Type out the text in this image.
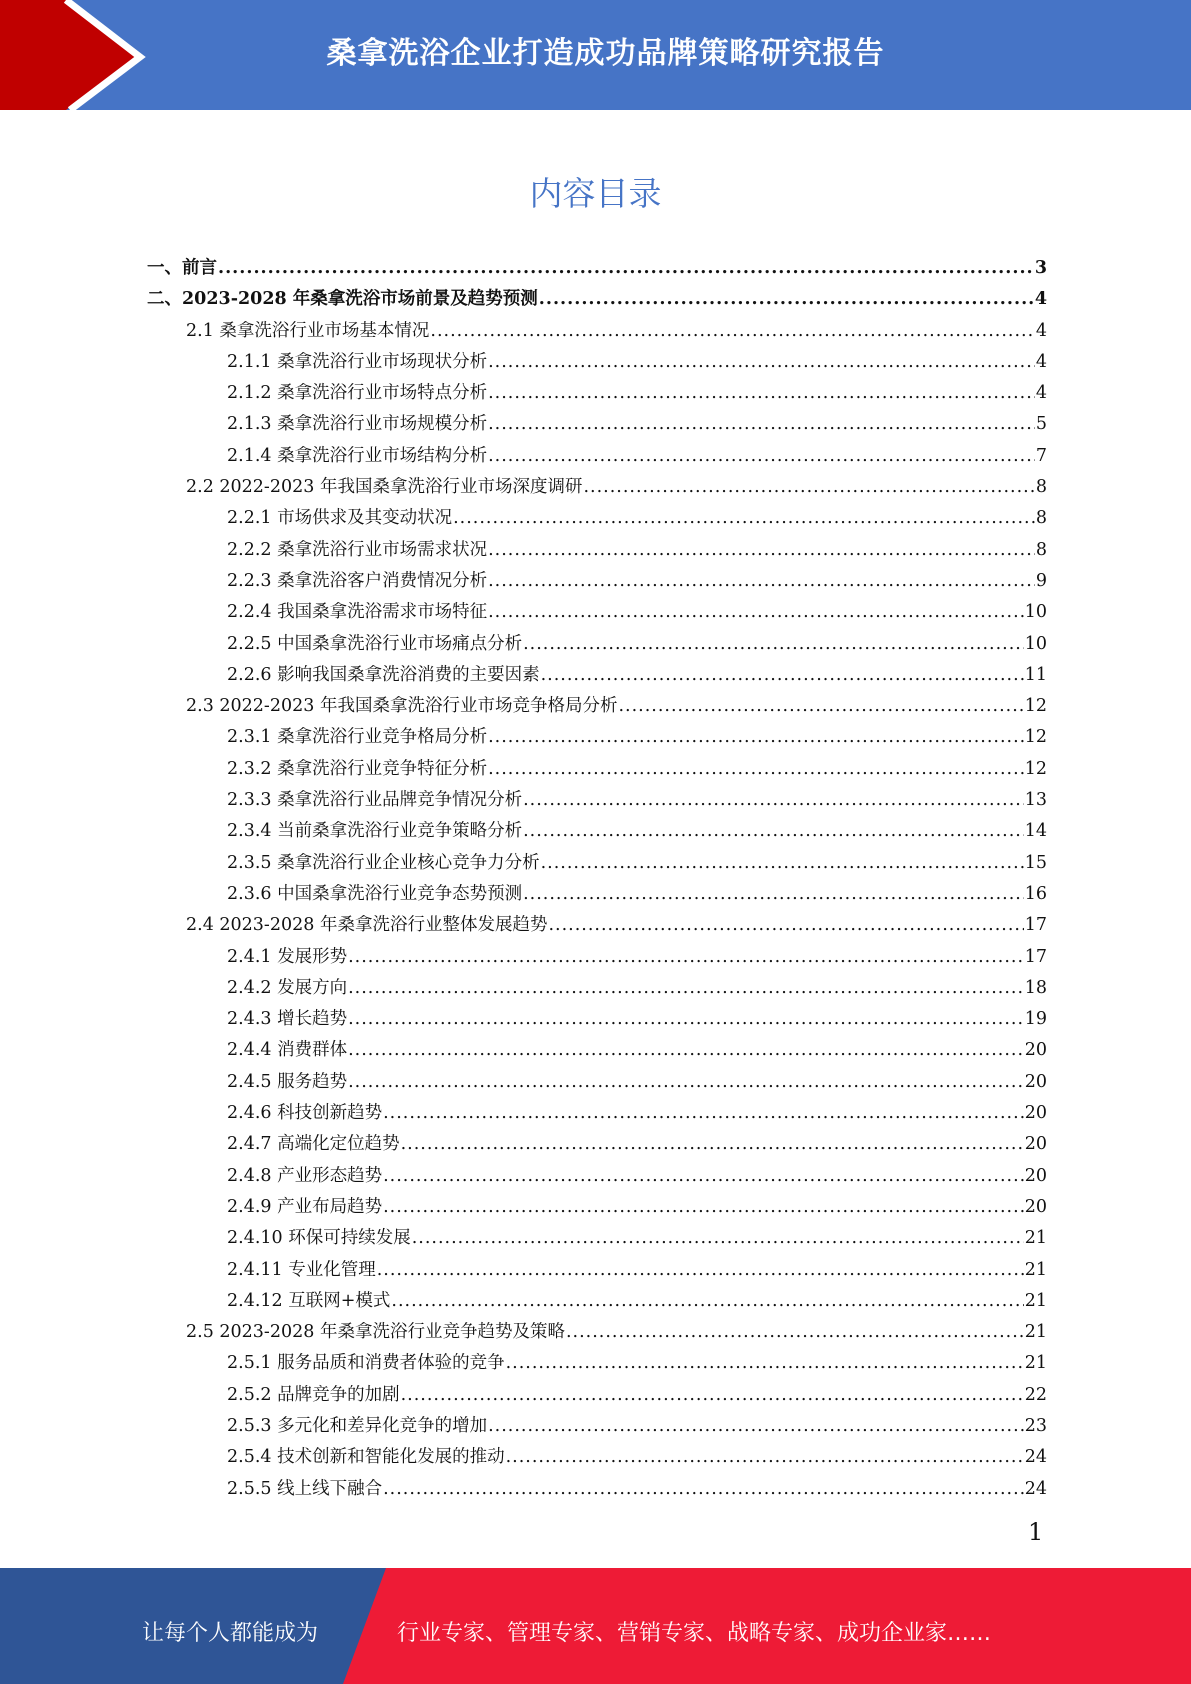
桑拿洗浴企业打造成功品牌策略研究报告
内容目录
一、前言 .....	3
二、2023-2028 年桑拿洗浴市场前景及趋势预测 .....	4
2.1 桑拿洗浴行业市场基本情况 .....	4
2.1.1 桑拿洗浴行业市场现状分析 .....	4
2.1.2 桑拿洗浴行业市场特点分析 .....	4
2.1.3 桑拿洗浴行业市场规模分析 .....	5
2.1.4 桑拿洗浴行业市场结构分析 .....	7
2.2 2022-2023 年我国桑拿洗浴行业市场深度调研 .....	8
2.2.1 市场供求及其变动状况 .....	8
2.2.2 桑拿洗浴行业市场需求状况 .....	8
2.2.3 桑拿洗浴客户消费情况分析 .....	9
2.2.4 我国桑拿洗浴需求市场特征 .....	10
2.2.5 中国桑拿洗浴行业市场痛点分析 .....	10
2.2.6 影响我国桑拿洗浴消费的主要因素 .....	11
2.3 2022-2023 年我国桑拿洗浴行业市场竞争格局分析 .....	12
2.3.1 桑拿洗浴行业竞争格局分析 .....	12
2.3.2 桑拿洗浴行业竞争特征分析 .....	12
2.3.3 桑拿洗浴行业品牌竞争情况分析 .....	13
2.3.4 当前桑拿洗浴行业竞争策略分析 .....	14
2.3.5 桑拿洗浴行业企业核心竞争力分析 .....	15
2.3.6 中国桑拿洗浴行业竞争态势预测 .....	16
2.4 2023-2028 年桑拿洗浴行业整体发展趋势 .....	17
2.4.1 发展形势 .....	17
2.4.2 发展方向 .....	18
2.4.3 增长趋势 .....	19
2.4.4 消费群体 .....	20
2.4.5 服务趋势 .....	20
2.4.6 科技创新趋势 .....	20
2.4.7 高端化定位趋势 .....	20
2.4.8 产业形态趋势 .....	20
2.4.9 产业布局趋势 .....	20
2.4.10 环保可持续发展 .....	21
2.4.11 专业化管理 .....	21
2.4.12 互联网+模式 .....	21
2.5 2023-2028 年桑拿洗浴行业竞争趋势及策略 .....	21
2.5.1 服务品质和消费者体验的竞争 .....	21
2.5.2 品牌竞争的加剧 .....	22
2.5.3 多元化和差异化竞争的增加 .....	23
2.5.4 技术创新和智能化发展的推动 .....	24
2.5.5 线上线下融合 .....	24
1
让每个人都能成为	行业专家、管理专家、营销专家、战略专家、成功企业家……
